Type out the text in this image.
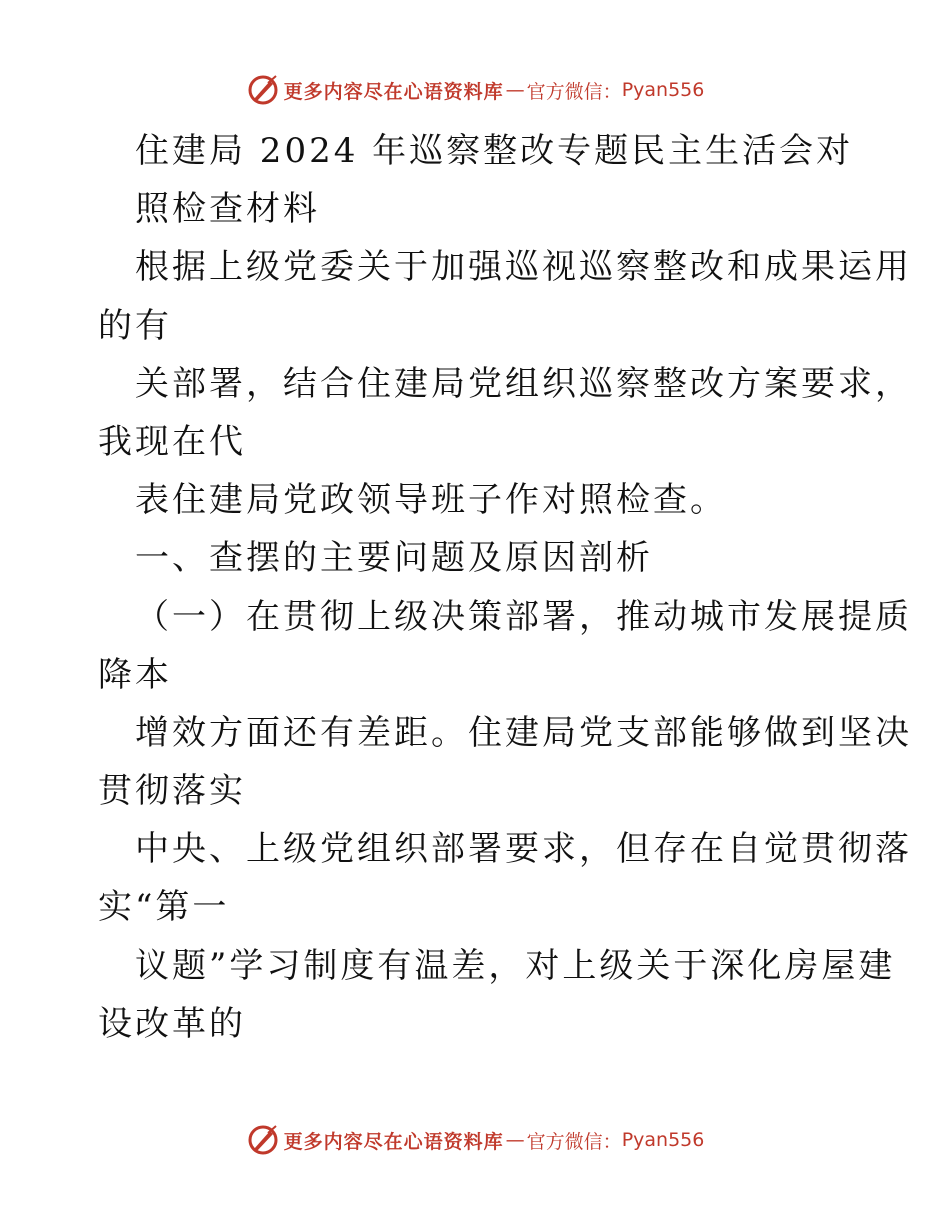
更多内容尽在心语资料库 — 官方微信： Pyan556
住建局 2024 年巡察整改专题民主生活会对
照检查材料
根据上级党委关于加强巡视巡察整改和成果运用
的有
关部署，结合住建局党组织巡察整改方案要求，
我现在代
表住建局党政领导班子作对照检查。
一、查摆的主要问题及原因剖析
（一）在贯彻上级决策部署，推动城市发展提质
降本
增效方面还有差距。住建局党支部能够做到坚决
贯彻落实
中央、上级党组织部署要求，但存在自觉贯彻落
实“第一
议题”学习制度有温差，对上级关于深化房屋建
设改革的
更多内容尽在心语资料库 — 官方微信： Pyan556
